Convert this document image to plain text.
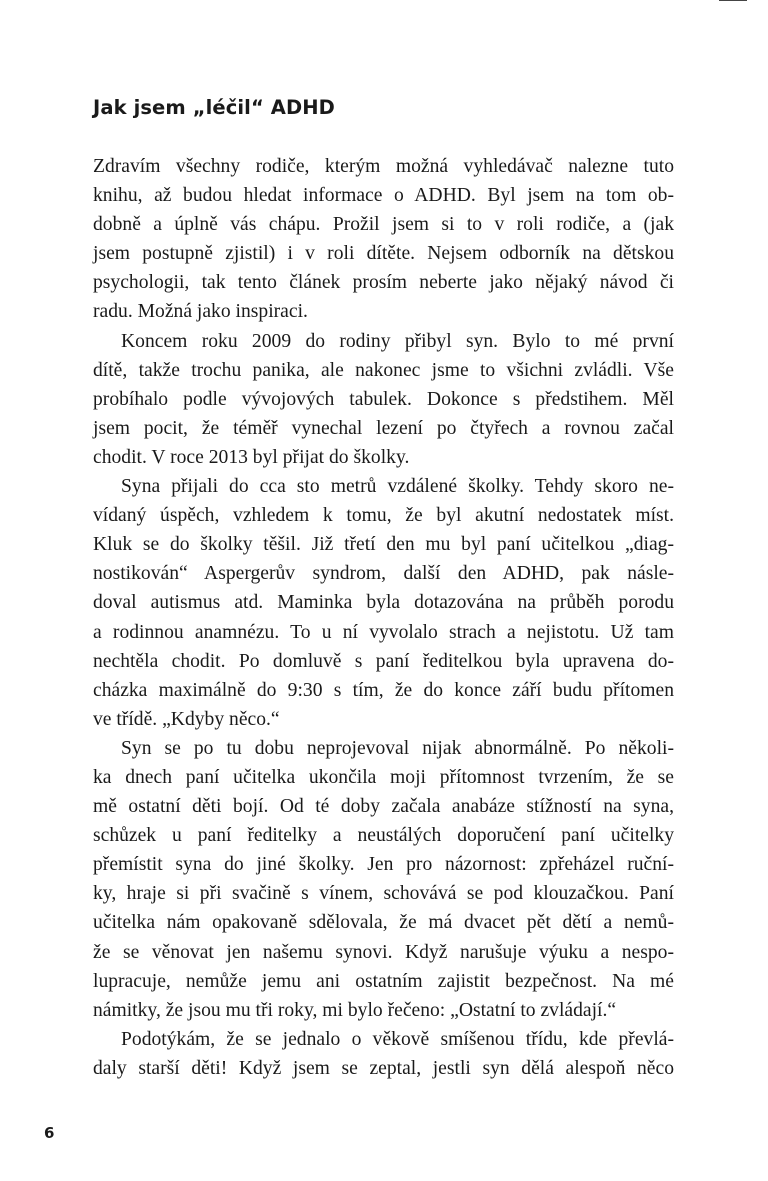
Jak jsem „léčil“ ADHD
Zdravím všechny rodiče, kterým možná vyhledávač nalezne tuto
knihu, až budou hledat informace o ADHD. Byl jsem na tom ob-
dobně a úplně vás chápu. Prožil jsem si to v roli rodiče, a (jak
jsem postupně zjistil) i v roli dítěte. Nejsem odborník na dětskou
psychologii, tak tento článek prosím neberte jako nějaký návod či
radu. Možná jako inspiraci.
Koncem roku 2009 do rodiny přibyl syn. Bylo to mé první
dítě, takže trochu panika, ale nakonec jsme to všichni zvládli. Vše
probíhalo podle vývojových tabulek. Dokonce s předstihem. Měl
jsem pocit, že téměř vynechal lezení po čtyřech a rovnou začal
chodit. V roce 2013 byl přijat do školky.
Syna přijali do cca sto metrů vzdálené školky. Tehdy skoro ne-
vídaný úspěch, vzhledem k tomu, že byl akutní nedostatek míst.
Kluk se do školky těšil. Již třetí den mu byl paní učitelkou „diag-
nostikován“ Aspergerův syndrom, další den ADHD, pak násle-
doval autismus atd. Maminka byla dotazována na průběh porodu
a rodinnou anamnézu. To u ní vyvolalo strach a nejistotu. Už tam
nechtěla chodit. Po domluvě s paní ředitelkou byla upravena do-
cházka maximálně do 9:30 s tím, že do konce září budu přítomen
ve třídě. „Kdyby něco.“
Syn se po tu dobu neprojevoval nijak abnormálně. Po několi-
ka dnech paní učitelka ukončila moji přítomnost tvrzením, že se
mě ostatní děti bojí. Od té doby začala anabáze stížností na syna,
schůzek u paní ředitelky a neustálých doporučení paní učitelky
přemístit syna do jiné školky. Jen pro názornost: zpřeházel ruční-
ky, hraje si při svačině s vínem, schovává se pod klouzačkou. Paní
učitelka nám opakovaně sdělovala, že má dvacet pět dětí a nemů-
že se věnovat jen našemu synovi. Když narušuje výuku a nespo-
lupracuje, nemůže jemu ani ostatním zajistit bezpečnost. Na mé
námitky, že jsou mu tři roky, mi bylo řečeno: „Ostatní to zvládají.“
Podotýkám, že se jednalo o věkově smíšenou třídu, kde převlá-
daly starší děti! Když jsem se zeptal, jestli syn dělá alespoň něco
6
